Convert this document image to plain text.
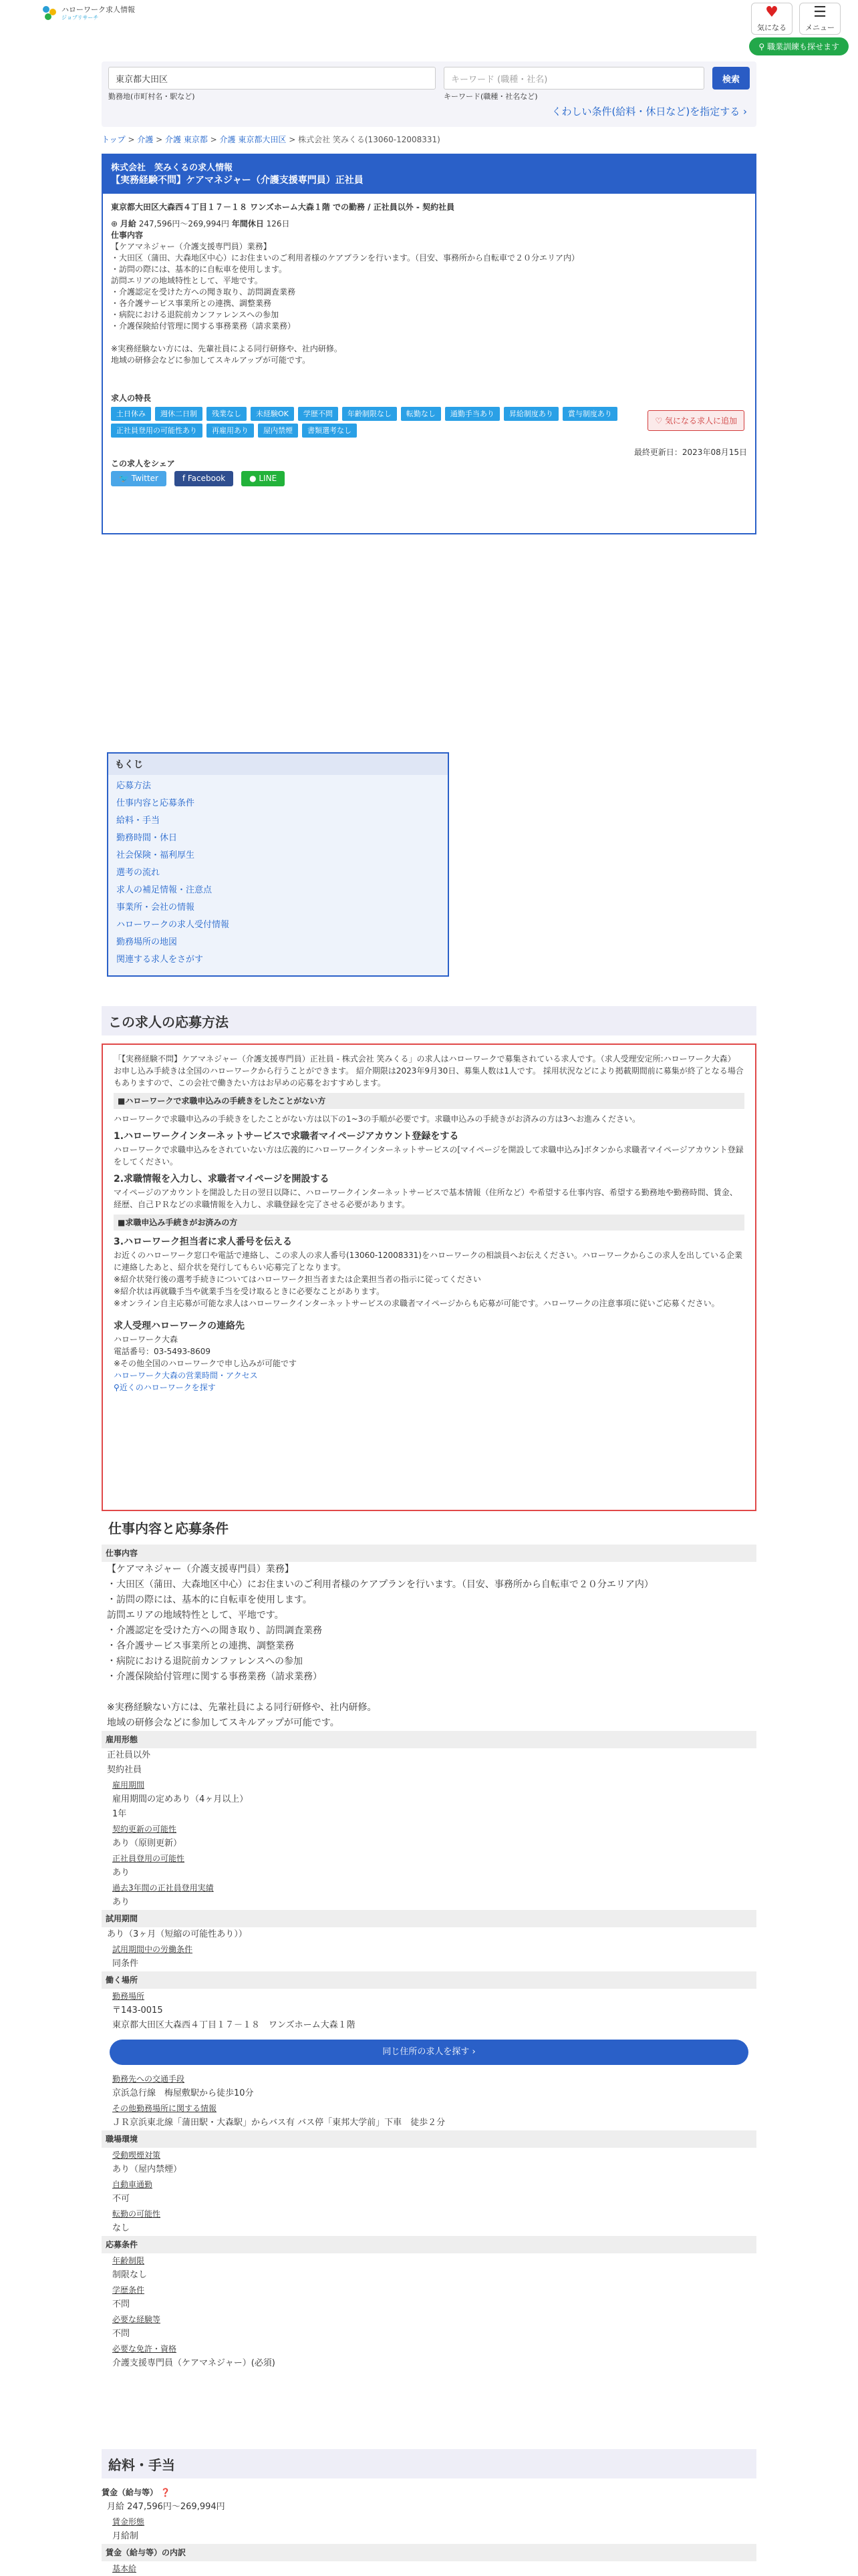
ハローワーク求人情報
ジョブリサーチ	♥
気になる
☰
メニュー
⚲ 職業訓練も探せます
東京都大田区	キーワード (職種・社名)	検索
勤務地(市町村名・駅など)	キーワード(職種・社名など)
くわしい条件(給料・休日など)を指定する ›
トップ > 介護 > 介護 東京都 > 介護 東京都大田区 > 株式会社 笑みくる(13060-12008331)
株式会社　笑みくるの求人情報
【実務経験不問】ケアマネジャー（介護支援専門員）正社員
東京都大田区大森西４丁目１７－１８ ワンズホーム大森１階 での勤務 / 正社員以外 - 契約社員
⊕ 月給 247,596円〜269,994円 年間休日 126日
仕事内容
【ケアマネジャー（介護支援専門員）業務】
・大田区（蒲田、大森地区中心）にお住まいのご利用者様のケアプランを行います。（目安、事務所から自転車で２０分エリア内）
・訪問の際には、基本的に自転車を使用します。
訪問エリアの地域特性として、平地です。
・介護認定を受けた方への聞き取り、訪問調査業務
・各介護サービス事業所との連携、調整業務
・病院における退院前カンファレンスへの参加
・介護保険給付管理に関する事務業務（請求業務）
※実務経験ない方には、先輩社員による同行研修や、社内研修。
地域の研修会などに参加してスキルアップが可能です。
求人の特長
土日休み	週休二日制	残業なし	未経験OK	学歴不問	年齢制限なし	転勤なし	通勤手当あり	昇給制度あり	賞与制度あり
正社員登用の可能性あり	再雇用あり	屋内禁煙	書類選考なし
最終更新日：2023年08月15日
この求人をシェア
🐦 Twitter	f Facebook	● LINE
♡ 気になる求人に追加
もくじ
応募方法
仕事内容と応募条件
給料・手当
勤務時間・休日
社会保険・福利厚生
選考の流れ
求人の補足情報・注意点
事業所・会社の情報
ハローワークの求人受付情報
勤務場所の地図
関連する求人をさがす
この求人の応募方法
「【実務経験不問】ケアマネジャー（介護支援専門員）正社員 - 株式会社 笑みくる」の求人はハローワークで募集されている求人です。（求人受理安定所:ハローワーク大森）
お申し込み手続きは全国のハローワークから行うことができます。 紹介期限は2023年9月30日、募集人数は1人です。 採用状況などにより掲載期間前に募集が終了となる場合もありますので、この会社で働きたい方はお早めの応募をおすすめします。
■ハローワークで求職申込みの手続きをしたことがない方
ハローワークで求職申込みの手続きをしたことがない方は以下の1~3の手順が必要です。求職申込みの手続きがお済みの方は3へお進みください。
1.ハローワークインターネットサービスで求職者マイページアカウント登録をする
ハローワークで求職申込みをされていない方は広義的にハローワークインターネットサービスの[マイページを開設して求職申込み]ボタンから求職者マイページアカウント登録をしてください。
2.求職情報を入力し、求職者マイページを開設する
マイページのアカウントを開設した日の翌日以降に、ハローワークインターネットサービスで基本情報（住所など）や希望する仕事内容、希望する勤務地や勤務時間、賃金、経歴、自己ＰＲなどの求職情報を入力し、求職登録を完了させる必要があります。
■求職申込み手続きがお済みの方
3.ハローワーク担当者に求人番号を伝える
お近くのハローワーク窓口や電話で連絡し、この求人の求人番号(13060-12008331)をハローワークの相談員へお伝えください。ハローワークからこの求人を出している企業に連絡したあと、紹介状を発行してもらい応募完了となります。
※紹介状発行後の選考手続きについてはハローワーク担当者または企業担当者の指示に従ってください
※紹介状は再就職手当や就業手当を受け取るときに必要なことがあります。
※オンライン自主応募が可能な求人はハローワークインターネットサービスの求職者マイページからも応募が可能です。ハローワークの注意事項に従いご応募ください。
求人受理ハローワークの連絡先
ハローワーク大森
電話番号：03-5493-8609
※その他全国のハローワークで申し込みが可能です
ハローワーク大森の営業時間・アクセス
⚲近くのハローワークを探す
仕事内容と応募条件
仕事内容
【ケアマネジャー（介護支援専門員）業務】
・大田区（蒲田、大森地区中心）にお住まいのご利用者様のケアプランを行います。（目安、事務所から自転車で２０分エリア内）
・訪問の際には、基本的に自転車を使用します。
訪問エリアの地域特性として、平地です。
・介護認定を受けた方への聞き取り、訪問調査業務
・各介護サービス事業所との連携、調整業務
・病院における退院前カンファレンスへの参加
・介護保険給付管理に関する事務業務（請求業務）
※実務経験ない方には、先輩社員による同行研修や、社内研修。
地域の研修会などに参加してスキルアップが可能です。
雇用形態
正社員以外
契約社員
雇用期間
雇用期間の定めあり（4ヶ月以上）
1年
契約更新の可能性
あり（原則更新）
正社員登用の可能性
あり
過去3年間の正社員登用実績
あり
試用期間
あり（3ヶ月（短縮の可能性あり））
試用期間中の労働条件
同条件
働く場所
勤務場所
〒143-0015
東京都大田区大森西４丁目１７－１８　ワンズホーム大森１階
同じ住所の求人を探す ›
勤務先への交通手段
京浜急行線　梅屋敷駅から徒歩10分
その他勤務場所に関する情報
ＪＲ京浜東北線「蒲田駅・大森駅」からバス有 バス停「東邦大学前」下車　徒歩２分
職場環境
受動喫煙対策
あり（屋内禁煙）
自動車通勤
不可
転勤の可能性
なし
応募条件
年齢制限
制限なし
学歴条件
不問
必要な経験等
不問
必要な免許・資格
介護支援専門員（ケアマネジャー）(必須)
給料・手当
賃金（給与等） ❓
月給 247,596円〜269,994円
賃金形態
月給制
賃金（給与等）の内訳
基本給
